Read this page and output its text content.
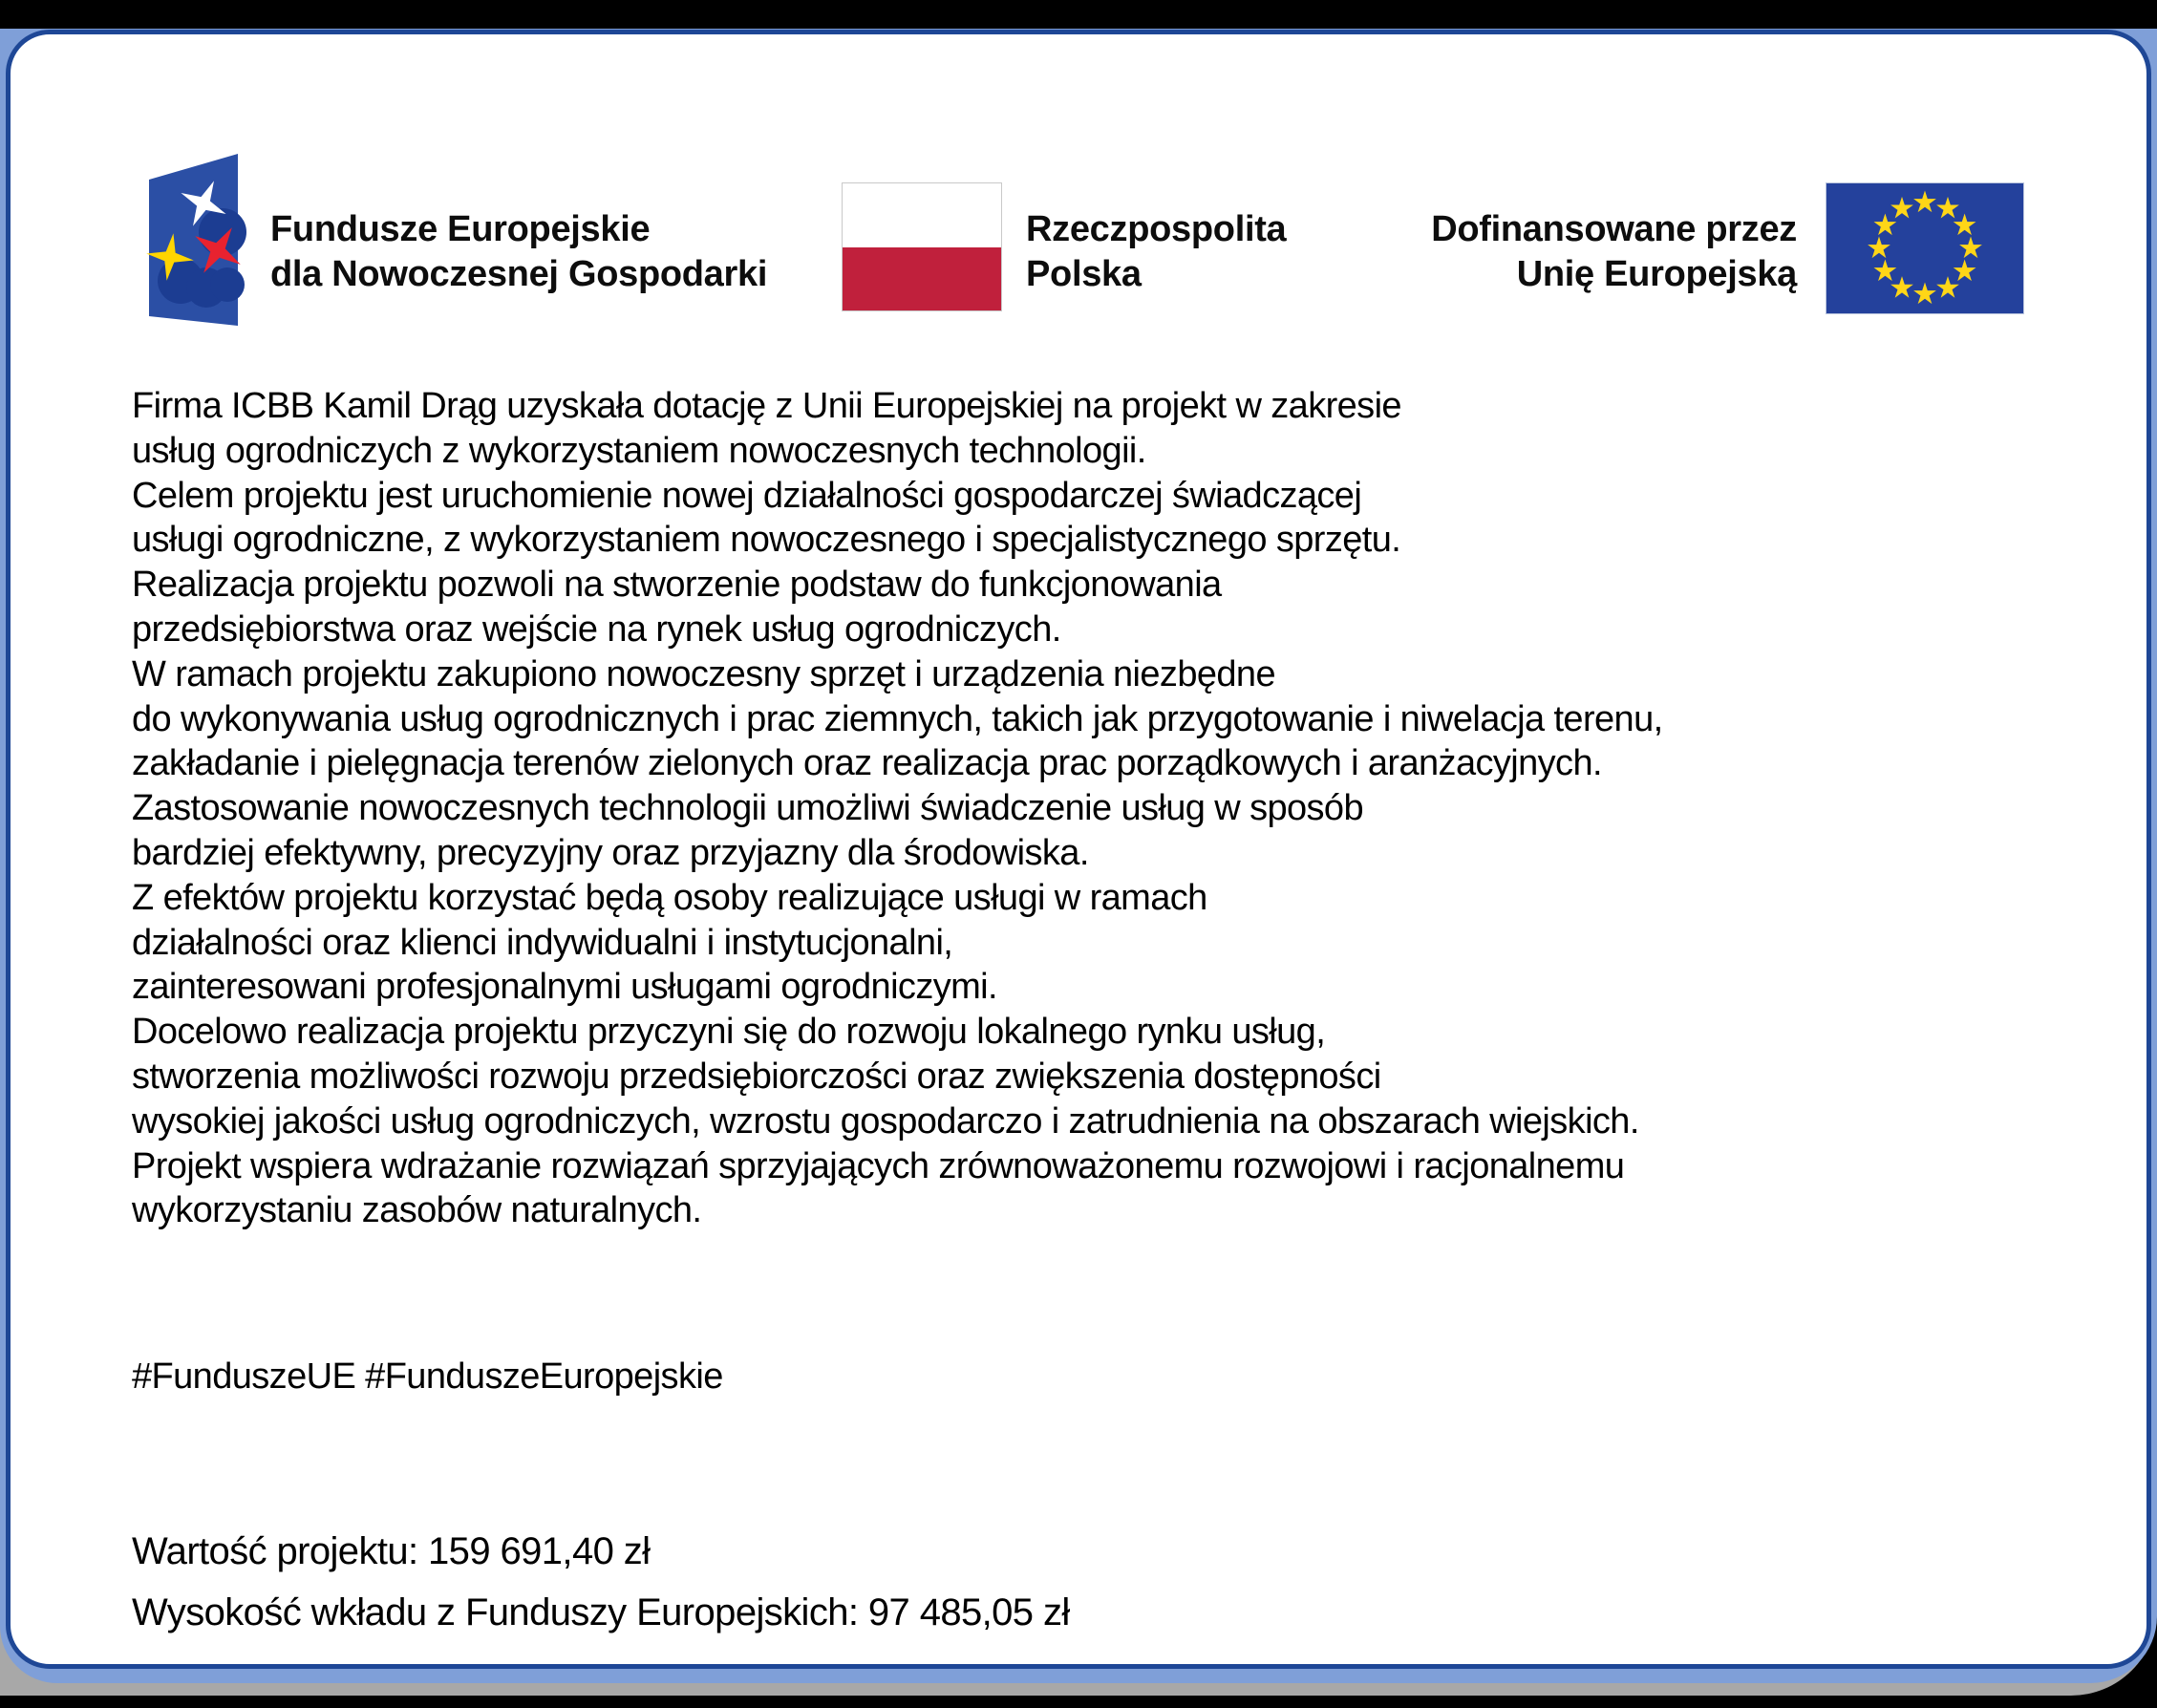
Fundusze Europejskie
dla Nowoczesnej Gospodarki
Rzeczpospolita
Polska
Dofinansowane przez
Unię Europejską
Firma ICBB Kamil Drąg uzyskała dotację z Unii Europejskiej na projekt w zakresie
usług ogrodniczych z wykorzystaniem nowoczesnych technologii.
Celem projektu jest uruchomienie nowej działalności gospodarczej świadczącej
usługi ogrodniczne, z wykorzystaniem nowoczesnego i specjalistycznego sprzętu.
Realizacja projektu pozwoli na stworzenie podstaw do funkcjonowania
przedsiębiorstwa oraz wejście na rynek usług ogrodniczych.
W ramach projektu zakupiono nowoczesny sprzęt i urządzenia niezbędne
do wykonywania usług ogrodnicznych i prac ziemnych, takich jak przygotowanie i niwelacja terenu,
zakładanie i pielęgnacja terenów zielonych oraz realizacja prac porządkowych i aranżacyjnych.
Zastosowanie nowoczesnych technologii umożliwi świadczenie usług w sposób
bardziej efektywny, precyzyjny oraz przyjazny dla środowiska.
Z efektów projektu korzystać będą osoby realizujące usługi w ramach
działalności oraz klienci indywidualni i instytucjonalni,
zainteresowani profesjonalnymi usługami ogrodniczymi.
Docelowo realizacja projektu przyczyni się do rozwoju lokalnego rynku usług,
stworzenia możliwości rozwoju przedsiębiorczości oraz zwiększenia dostępności
wysokiej jakości usług ogrodniczych, wzrostu gospodarczo i zatrudnienia na obszarach wiejskich.
Projekt wspiera wdrażanie rozwiązań sprzyjających zrównoważonemu rozwojowi i racjonalnemu
wykorzystaniu zasobów naturalnych.
#FunduszeUE #FunduszeEuropejskie
Wartość projektu: 159 691,40 zł
Wysokość wkładu z Funduszy Europejskich: 97 485,05 zł
